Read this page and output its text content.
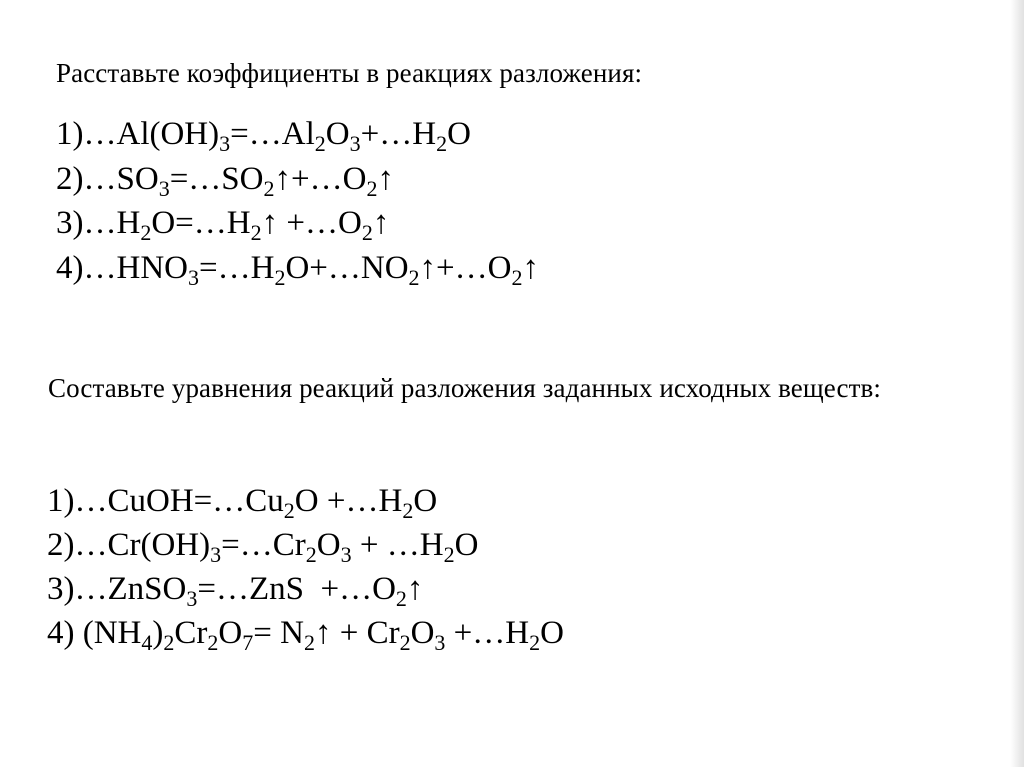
Расставьте коэффициенты в реакциях разложения:
$1)\dots Al(OH)_3=\dots Al_2O_3+\dots H_2O$
$2)\dots SO_3=\dots SO_2↑+\dots O_2↑$
$3)\dots H_2O=\dots H_2↑$ $+\dots O_2↑$
$4)\dots HNO_3=\dots H_2O+\dots NO_2↑+\dots O_2↑$
Составьте уравнения реакций разложения заданных исходных веществ:
$1)\dots CuOH=\dots Cu_2O$ $+\dots H_2O$
$2)\dots Cr(OH)_3=\dots Cr_2O_3$ + $\dots H_2O$
3)…ZnSO$_3$=…ZnS  $+\dots O_2↑$
4) $(NH_4)_2Cr_2O_7=$ $N_2↑ + Cr_2O_3$ $+\dots H_2O$
